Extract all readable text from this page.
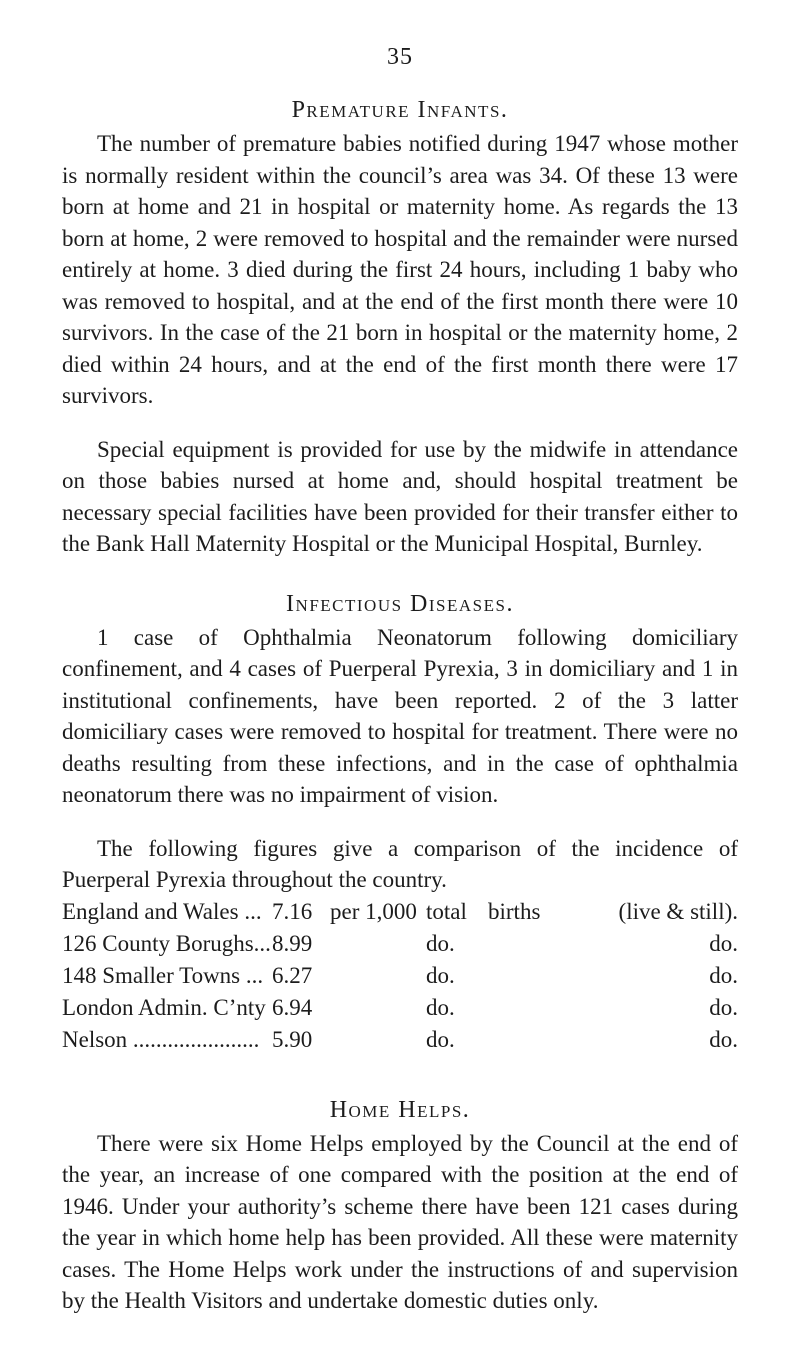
35
Premature Infants.

The number of premature babies notified during 1947 whose mother is normally resident within the council’s area was 34. Of these 13 were born at home and 21 in hospital or maternity home. As regards the 13 born at home, 2 were removed to hospital and the remainder were nursed entirely at home. 3 died during the first 24 hours, including 1 baby who was removed to hospital, and at the end of the first month there were 10 survivors. In the case of the 21 born in hospital or the maternity home, 2 died within 24 hours, and at the end of the first month there were 17 survivors.

Special equipment is provided for use by the midwife in attendance on those babies nursed at home and, should hospital treatment be necessary special facilities have been provided for their transfer either to the Bank Hall Maternity Hospital or the Municipal Hospital, Burnley.

Infectious Diseases.

1 case of Ophthalmia Neonatorum following domiciliary confinement, and 4 cases of Puerperal Pyrexia, 3 in domiciliary and 1 in institutional confinements, have been reported. 2 of the 3 latter domiciliary cases were removed to hospital for treatment. There were no deaths resulting from these infections, and in the case of ophthalmia neonatorum there was no impairment of vision.

The following figures give a comparison of the incidence of Puerperal Pyrexia throughout the country.

England and Wales ...	7.16	per 1,000	total	births	(live & still).
126 County Borughs...	8.99		do.		do.
148 Smaller Towns ...	6.27		do.		do.
London Admin. C’nty	6.94		do.		do.
Nelson ......................	5.90		do.		do.
Home Helps.

There were six Home Helps employed by the Council at the end of the year, an increase of one compared with the position at the end of 1946. Under your authority’s scheme there have been 121 cases during the year in which home help has been provided. All these were maternity cases. The Home Helps work under the instructions of and supervision by the Health Visitors and undertake domestic duties only.
